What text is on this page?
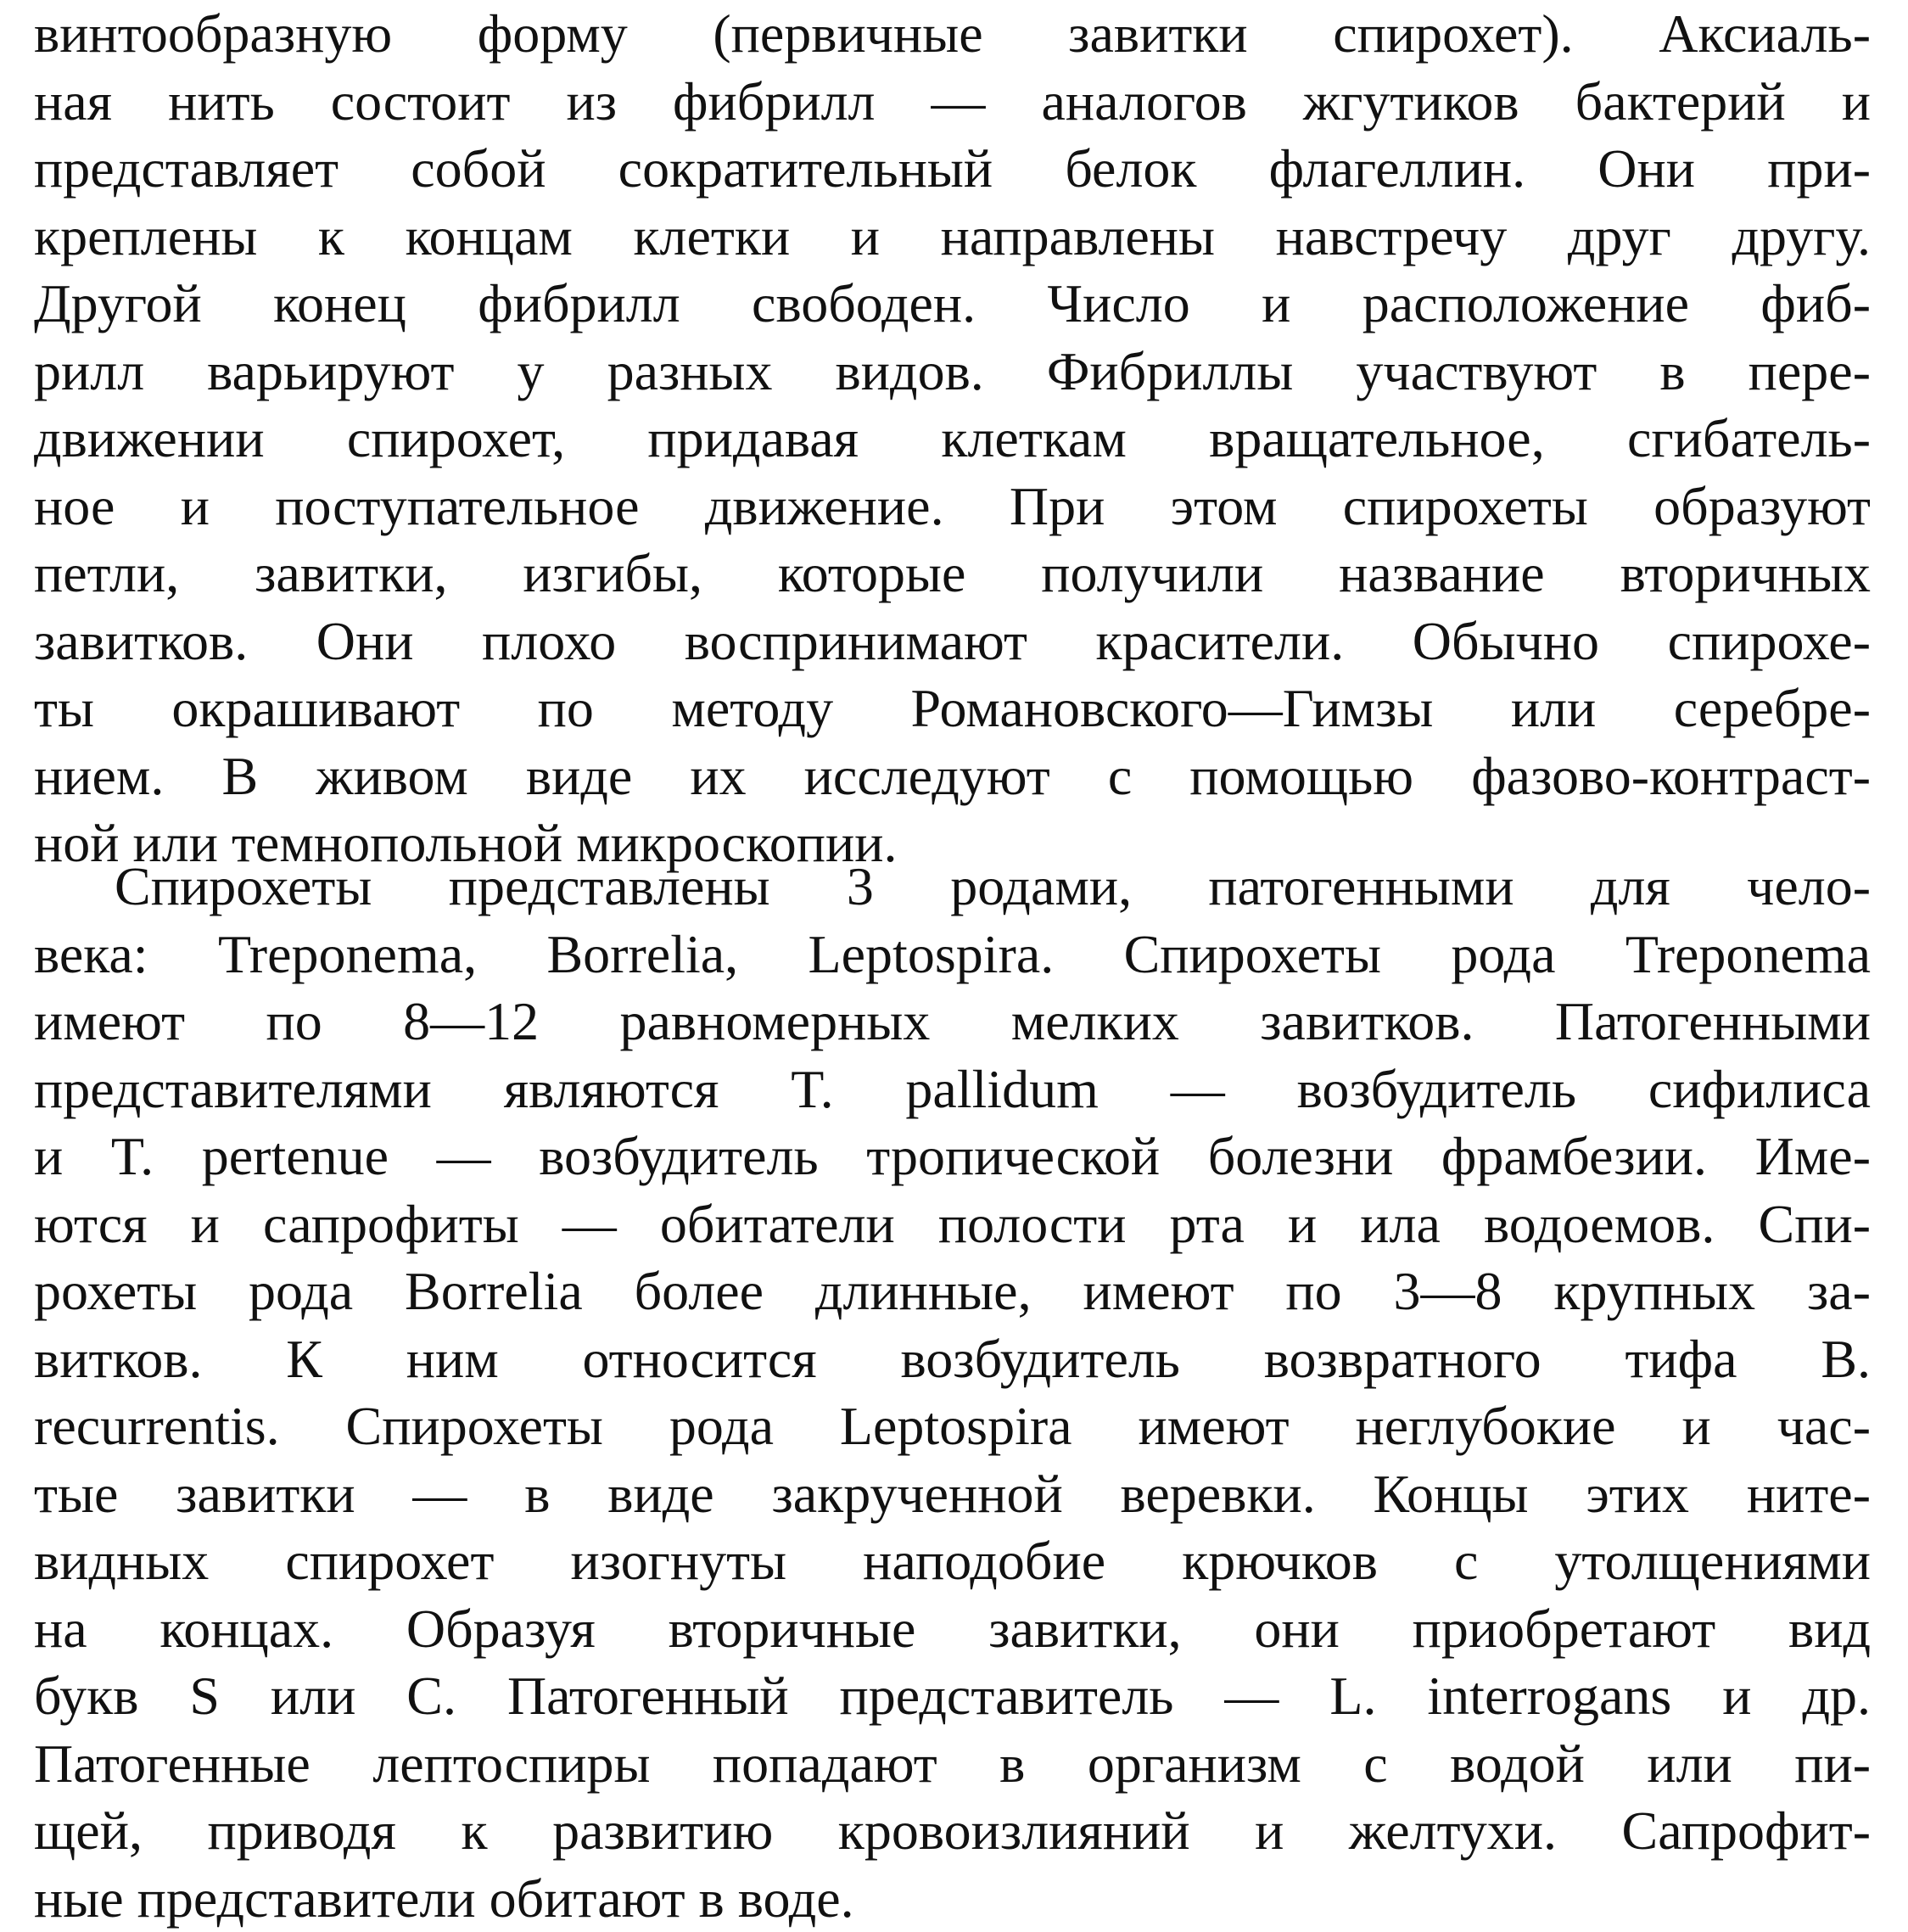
винтообразную форму (первичные завитки спирохет). Аксиаль-
ная нить состоит из фибрилл — аналогов жгутиков бактерий и
представляет собой сократительный белок флагеллин. Они при-
креплены к концам клетки и направлены навстречу друг другу.
Другой конец фибрилл свободен. Число и расположение фиб-
рилл варьируют у разных видов. Фибриллы участвуют в пере-
движении спирохет, придавая клеткам вращательное, сгибатель-
ное и поступательное движение. При этом спирохеты образуют
петли, завитки, изгибы, которые получили название вторичных
завитков. Они плохо воспринимают красители. Обычно спирохе-
ты окрашивают по методу Романовского—Гимзы или серебре-
нием. В живом виде их исследуют с помощью фазово-контраст-
ной или темнопольной микроскопии.
Спирохеты представлены 3 родами, патогенными для чело-
века: Treponema, Borrelia, Leptospira. Спирохеты рода Treponema
имеют по 8—12 равномерных мелких завитков. Патогенными
представителями являются T. pallidum — возбудитель сифилиса
и T. pertenue — возбудитель тропической болезни фрамбезии. Име-
ются и сапрофиты — обитатели полости рта и ила водоемов. Спи-
рохеты рода Borrelia более длинные, имеют по 3—8 крупных за-
витков. К ним относится возбудитель возвратного тифа B.
recurrentis. Спирохеты рода Leptospira имеют неглубокие и час-
тые завитки — в виде закрученной веревки. Концы этих ните-
видных спирохет изогнуты наподобие крючков с утолщениями
на концах. Образуя вторичные завитки, они приобретают вид
букв S или C. Патогенный представитель — L. interrogans и др.
Патогенные лептоспиры попадают в организм с водой или пи-
щей, приводя к развитию кровоизлияний и желтухи. Сапрофит-
ные представители обитают в воде.
